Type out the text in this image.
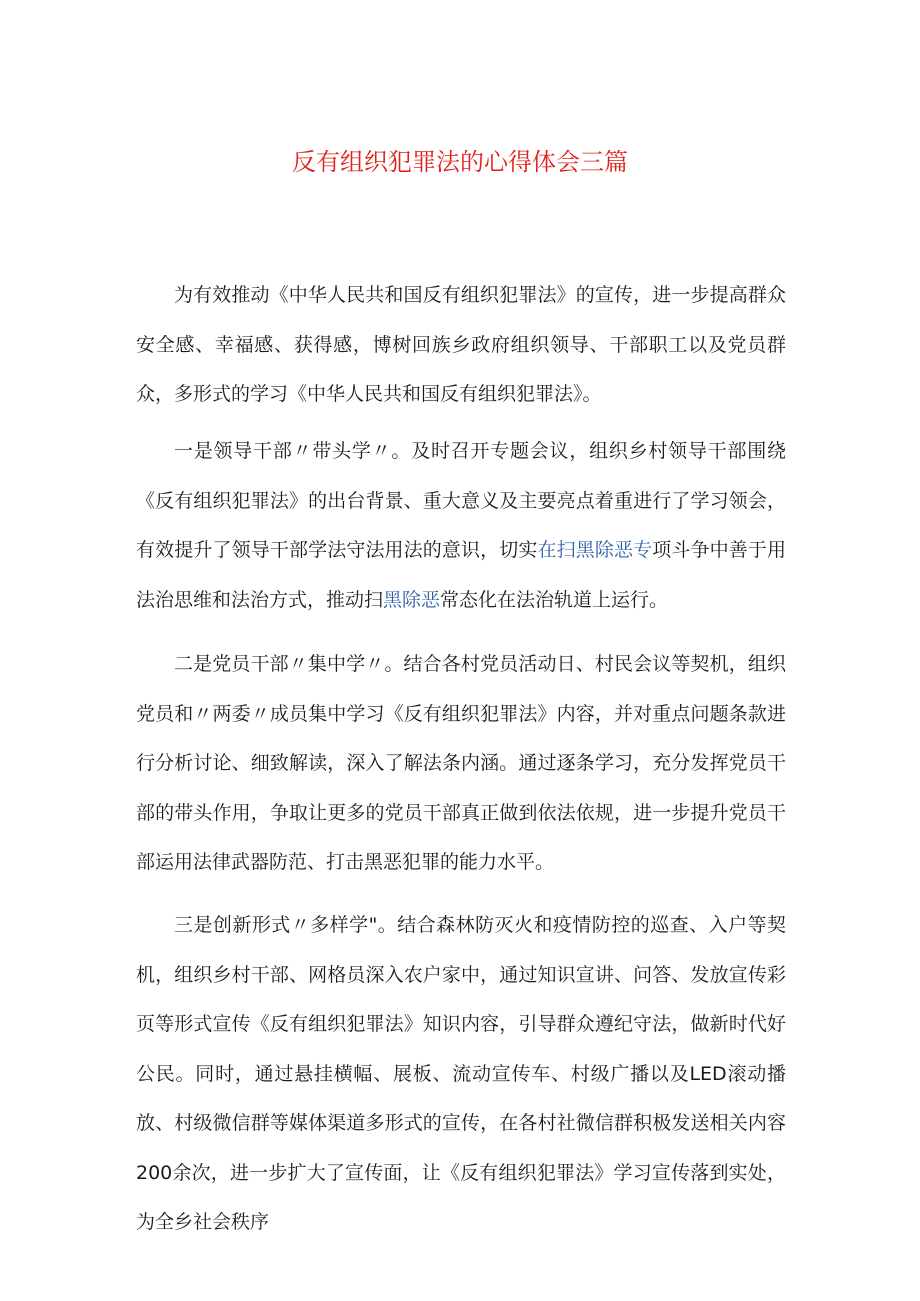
反有组织犯罪法的心得体会三篇

为有效推动《中华人民共和国反有组织犯罪法》的宣传，进一步提高群众安全感、幸福感、获得感，博树回族乡政府组织领导、干部职工以及党员群众，多形式的学习《中华人民共和国反有组织犯罪法》。

一是领导干部〃带头学〃。及时召开专题会议，组织乡村领导干部围绕《反有组织犯罪法》的出台背景、重大意义及主要亮点着重进行了学习领会，有效提升了领导干部学法守法用法的意识，切实在扫黑除恶专项斗争中善于用法治思维和法治方式，推动扫黑除恶常态化在法治轨道上运行。

二是党员干部〃集中学〃。结合各村党员活动日、村民会议等契机，组织党员和〃两委〃成员集中学习《反有组织犯罪法》内容，并对重点问题条款进行分析讨论、细致解读，深入了解法条内涵。通过逐条学习，充分发挥党员干部的带头作用，争取让更多的党员干部真正做到依法依规，进一步提升党员干部运用法律武器防范、打击黑恶犯罪的能力水平。

三是创新形式〃多样学"。结合森林防灭火和疫情防控的巡查、入户等契机，组织乡村干部、网格员深入农户家中，通过知识宣讲、问答、发放宣传彩页等形式宣传《反有组织犯罪法》知识内容，引导群众遵纪守法，做新时代好公民。同时，通过悬挂横幅、展板、流动宣传车、村级广播以及LED滚动播放、村级微信群等媒体渠道多形式的宣传，在各村社微信群积极发送相关内容200余次，进一步扩大了宣传面，让《反有组织犯罪法》学习宣传落到实处，为全乡社会秩序
